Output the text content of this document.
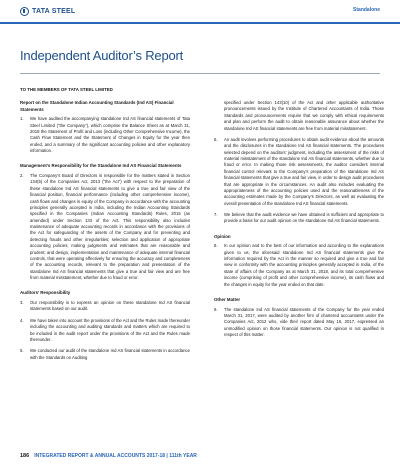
TATA STEEL	Standalone
Independent Auditor’s Report
TO THE MEMBERS OF TATA STEEL LIMITED
Report on the Standalone Indian Accounting Standards (Ind AS) Financial Statements
1.	We have audited the accompanying standalone Ind AS financial statements of Tata Steel Limited (“the Company”), which comprise the Balance Sheet as at March 31, 2018 the Statement of Profit and Loss (including Other Comprehensive Income), the Cash Flow Statement and the Statement of Changes in Equity for the year then ended, and a summary of the significant accounting policies and other explanatory information.
Management’s Responsibility for the Standalone Ind AS Financial Statements
2.	The Company’s Board of Directors is responsible for the matters stated in Section 134(5) of the Companies Act, 2013 (“the Act”) with respect to the preparation of these standalone Ind AS financial statements to give a true and fair view of the financial position, financial performance (including other comprehensive income), cash flows and changes in equity of the Company in accordance with the accounting principles generally accepted in India, including the Indian Accounting Standards specified in the Companies (Indian Accounting Standards) Rules, 2015 (as amended) under Section 133 of the Act. This responsibility also includes maintenance of adequate accounting records in accordance with the provisions of the Act for safeguarding of the assets of the Company and for preventing and detecting frauds and other irregularities; selection and application of appropriate accounting policies; making judgments and estimates that are reasonable and prudent; and design, implementation and maintenance of adequate internal financial controls, that were operating effectively for ensuring the accuracy and completeness of the accounting records, relevant to the preparation and presentation of the standalone Ind AS financial statements that give a true and fair view and are free from material misstatement, whether due to fraud or error.
Auditors’ Responsibility
3.	Our responsibility is to express an opinion on these standalone Ind AS financial statements based on our audit.
4.	We have taken into account the provisions of the Act and the Rules made thereunder including the accounting and auditing standards and matters which are required to be included in the audit report under the provisions of the Act and the Rules made thereunder.
5.	We conducted our audit of the standalone Ind AS financial statements in accordance with the Standards on Auditing
specified under Section 143(10) of the Act and other applicable authoritative pronouncements issued by the Institute of Chartered Accountants of India. Those Standards and pronouncements require that we comply with ethical requirements and plan and perform the audit to obtain reasonable assurance about whether the standalone Ind AS financial statements are free from material misstatement.
6.	An audit involves performing procedures to obtain audit evidence about the amounts and the disclosures in the standalone Ind AS financial statements. The procedures selected depend on the auditors’ judgment, including the assessment of the risks of material misstatement of the standalone Ind AS financial statements, whether due to fraud or error. In making those risk assessments, the auditor considers internal financial control relevant to the Company’s preparation of the standalone Ind AS financial statements that give a true and fair view, in order to design audit procedures that are appropriate in the circumstances. An audit also includes evaluating the appropriateness of the accounting policies used and the reasonableness of the accounting estimates made by the Company’s Directors, as well as evaluating the overall presentation of the standalone Ind AS financial statements.
7.	We believe that the audit evidence we have obtained is sufficient and appropriate to provide a basis for our audit opinion on the standalone Ind AS financial statements.
Opinion
8.	In our opinion and to the best of our information and according to the explanations given to us, the aforesaid standalone Ind AS financial statements give the information required by the Act in the manner so required and give a true and fair view in conformity with the accounting principles generally accepted in India, of the state of affairs of the Company as at March 31, 2018, and its total comprehensive income (comprising of profit and other comprehensive income), its cash flows and the changes in equity for the year ended on that date.
Other Matter
9.	The standalone Ind AS financial statements of the Company for the year ended March 31, 2017, were audited by another firm of chartered accountants under the Companies Act, 2012 who, vide their report dated May 16, 2017, expressed an unmodified opinion on those financial statements. Our opinion is not qualified in respect of this matter.
186 INTEGRATED REPORT & ANNUAL ACCOUNTS 2017-18 | 111th YEAR
